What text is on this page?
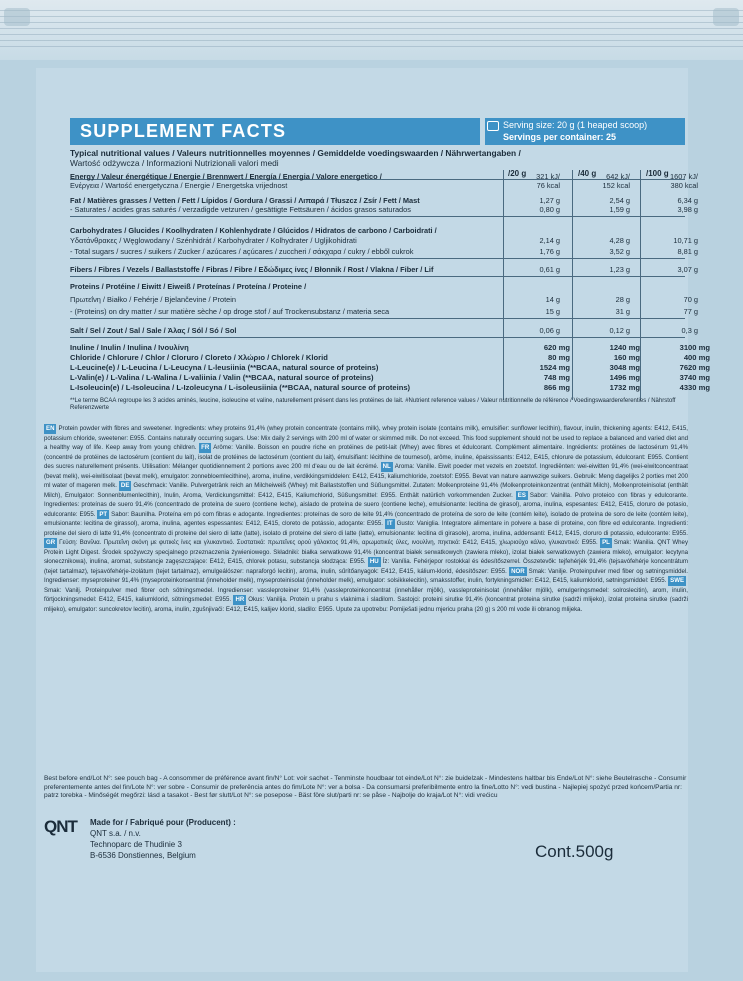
SUPPLEMENT FACTS	Serving size: 20 g (1 heaped scoop)
Servings per container: 25
Typical nutritional values / Valeurs nutritionnelles moyennes / Gemiddelde voedingswaarden / Nährwertangaben /
Wartość odżywcza / Informazioni Nutrizionali valori medi
/20 g	/40 g	/100 g
Energy / Valeur énergétique / Energie / Brennwert / Energía / Energia / Valore energetico /	321 kJ/	642 kJ/	1607 kJ/
Ενέργεια / Wartość energetyczna / Energie / Energetska vrijednost	76 kcal	152 kcal	380 kcal
Fat / Matières grasses / Vetten / Fett / Lípidos / Gordura / Grassi / Λιπαρά / Tłuszcz / Zsír / Fett / Mast	1,27 g	2,54 g	6,34 g
- Saturates / acides gras saturés / verzadigde vetzuren / gesättigte Fettsäuren / ácidos grasos saturados	0,80 g	1,59 g	3,98 g
Carbohydrates / Glucides / Koolhydraten / Kohlenhydrate / Glúcidos / Hidratos de carbono / Carboidrati /
Υδατάνθρακες / Węglowodany / Szénhidrát / Karbohydrater / Kolhydrater / Ugljikohidrati	2,14 g	4,28 g	10,71 g
- Total sugars / sucres / suikers / Zucker / azúcares / açúcares / zuccheri / σάκχαρα / cukry / ebből cukrok	1,76 g	3,52 g	8,81 g
Fibers / Fibres / Vezels / Ballaststoffe / Fibras / Fibre / Εδώδιμες ίνες / Błonnik / Rost / Vlakna / Fiber / Lif	0,61 g	1,23 g	3,07 g
Proteins / Protéine / Eiwitt / Eiweiß / Proteínas / Proteína / Proteine /
Πρωτεΐνη / Białko / Fehérje / Bjelančevine / Protein	14 g	28 g	70 g
- (Proteins) on dry matter / sur matière sèche / op droge stof / auf Trockensubstanz / materia seca	15 g	31 g	77 g
Salt / Sel / Zout / Sal / Sale / Άλας / Sól / Só / Sol	0,06 g	0,12 g	0,3 g
Inuline / Inulin / Inulina / Ινουλίνη	620 mg	1240 mg	3100 mg
Chloride / Chlorure / Chlor / Cloruro / Cloreto / Χλώριο / Chlorek / Klorid	80 mg	160 mg	400 mg
L-Leucine(e) / L-Leucina / L-Leucyna / L-leusiinia (**BCAA, natural source of proteins)	1524 mg	3048 mg	7620 mg
L-Valin(e) / L-Valina / L-Walina / L-valiinia / Valin (**BCAA, natural source of proteins)	748 mg	1496 mg	3740 mg
L-Isoleucin(e) / L-Isoleucina / L-Izoleucyna / L-isoleusiinia (**BCAA, natural source of proteins)	866 mg	1732 mg	4330 mg
**Le terme BCAA regroupe les 3 acides aminés, leucine, isoleucine et valine, naturellement présent dans les protéines de lait. #Nutrient reference values / Valeur nutritionnelle de référence / Voedingswaardereferenties / Nährstoff Referenzwerte
EN Protein powder with fibres and sweetener. Ingredients: whey proteins 91,4% (whey protein concentrate (contains milk), whey protein isolate (contains milk), emulsifier: sunflower lecithin), flavour, inulin, thickening agents: E412, E415, potassium chloride, sweetener: E955. Contains naturally occurring sugars. Use: Mix daily 2 servings with 200 ml of water or skimmed milk. Do not exceed. This food supplement should not be used to replace a balanced and varied diet and a healthy way of life. Keep away from young children. FR Arôme: Vanille. Boisson en poudre riche en protéines de petit-lait (Whey) avec fibres et édulcorant. Complément alimentaire. Ingrédients: protéines de lactosérum 91,4% (concentré de protéines de lactosérum (contient du lait), isolat de protéines de lactosérum (contient du lait), émulsifiant: lécithine de tournesol), arôme, inuline, épaississants: E412, E415, chlorure de potassium, édulcorant: E955. Contient des sucres naturellement présents. Utilisation: Mélanger quotidiennement 2 portions avec 200 ml d'eau ou de lait écrémé. NL Aroma: Vanille. Eiwit poeder met vezels en zoetstof. Ingrediënten: wei-eiwitten 91,4% (wei-eiwitconcentraat (bevat melk), wei-eiwitisolaat (bevat melk), emulgator: zonnebloemlecithine), aroma, inuline, verdikkingsmiddelen: E412, E415, kaliumchloride, zoetstof: E955. Bevat van nature aanwezige suikers. Gebruik: Meng dagelijks 2 porties met 200 ml water of mageren melk. DE Geschmack: Vanille. Pulvergetränk reich an Milcheiweiß (Whey) mit Ballaststoffen und Süßungsmittel. Zutaten: Molkenproteine 91,4% (Molkenproteinkonzentrat (enthält Milch), Molkenproteinisolat (enthält Milch), Emulgator: Sonnenblumenlecithin), Inulin, Aroma, Verdickungsmittel: E412, E415, Kaliumchlorid, Süßungsmittel: E955. Enthält natürlich vorkommenden Zucker. ES Sabor: Vainilla. Polvo proteico con fibras y edulcorante. Ingredientes: proteínas de suero 91,4% (concentrado de proteína de suero (contiene leche), aislado de proteína de suero (contiene leche), emulsionante: lecitina de girasol), aroma, inulina, espesantes: E412, E415, cloruro de potasio, edulcorante: E955. PT Sabor: Baunilha. Proteína em pó com fibras e adoçante. Ingredientes: proteínas de soro de leite 91,4% (concentrado de proteína de soro de leite (contém leite), isolado de proteína de soro de leite (contém leite), emulsionante: lecitina de girassol), aroma, inulina, agentes espessantes: E412, E415, cloreto de potássio, adoçante: E955. IT Gusto: Vaniglia. Integratore alimentare in polvere a base di proteine, con fibre ed edulcorante. Ingredienti: proteine del siero di latte 91,4% (concentrato di proteine del siero di latte (latte), isolato di proteine del siero di latte (latte), emulsionante: lecitina di girasole), aroma, inulina, addensanti: E412, E415, cloruro di potassio, edulcorante: E955. GR Γεύση: Βανίλια. Πρωτεΐνη σκόνη με φυτικές ίνες και γλυκαντικό. Συστατικά: πρωτεΐνες ορού γάλακτος 91,4%, αρωματικές ύλες, ινουλίνη, πηκτικά: E412, E415, χλωριούχο κάλιο, γλυκαντικό: E955. PL Smak: Wanilia. QNT Whey Protein Light Digest. Środek spożywczy specjalnego przeznaczenia żywieniowego. Składniki: białka serwatkowe 91,4% (koncentrat białek serwatkowych (zawiera mleko), izolat białek serwatkowych (zawiera mleko), emulgator: lecytyna słonecznikowa), inulina, aromat, substancje zagęszczające: E412, E415, chlorek potasu, substancja słodząca: E955. HU Íz: Vanília. Fehérjepor rostokkal és édesítőszerrel. Összetevők: tejfehérjék 91,4% (tejsavófehérje koncentrátum (tejet tartalmaz), tejsavófehérje-izolátum (tejet tartalmaz), emulgeálószer: napraforgó lecitin), aroma, inulin, sűrítőanyagok: E412, E415, kálium-klorid, édesítőszer: E955. NOR Smak: Vanilje. Proteinpulver med fiber og søtningsmiddel. Ingredienser: myseproteiner 91,4% (myseproteinkonsentrat (inneholder melk), myseproteinisolat (inneholder melk), emulgator: solsikkelecitin), smaksstoffer, inulin, fortykningsmidler: E412, E415, kaliumklorid, søtningsmiddel: E955. SWESmak: Vanilj. Proteinpulver med fibrer och sötningsmedel. Ingredienser: vassleproteiner 91,4% (vassleproteinkoncentrat (innehåller mjölk), vassleproteinisolat (innehåller mjölk), emulgeringsmedel: solroslecitin), arom, inulin, förtjockningsmedel: E412, E415, kaliumklorid, sötningsmedel: E955. HR Okus: Vanilija. Protein u prahu s vlaknima i sladilom. Sastojci: proteini sirutke 91,4% (koncentrat proteina sirutke (sadrži mlijeko), izolat proteina sirutke (sadrži mlijeko), emulgator: suncokretov lecitin), aroma, inulin, zgušnjivači: E412, E415, kalijev klorid, sladilo: E955. Upute za upotrebu: Pomiješati jednu mjericu praha (20 g) s 200 ml vode ili obranog mlijeka.
Best before end/Lot N°: see pouch bag - A consommer de préférence avant fin/N° Lot: voir sachet - Tenminste houdbaar tot einde/Lot N°: zie buidelzak - Mindestens haltbar bis Ende/Lot N°: siehe Beutelrasche - Consumir preferentemente antes del fin/Lote N°: ver sobre - Consumir de preferência antes do fim/Lote N°: ver a bolsa - Da consumarsi preferibilmente entro la fine/Lotto N°: vedi bustina - Najlepiej spożyć przed końcem/Partia nr: patrz torebka - Minőségét megőrzi: lásd a tasakot - Best før slutt/Lot N°: se posepose - Bäst före slut/parti nr: se påse - Najbolje do kraja/Lot N°: vidi vrećicu
QNT Made for / Fabriqué pour (Producent) :
QNT s.a. / n.v.
Technoparc de Thudinie 3
B-6536 Donstiennes, Belgium	Cont.500g
